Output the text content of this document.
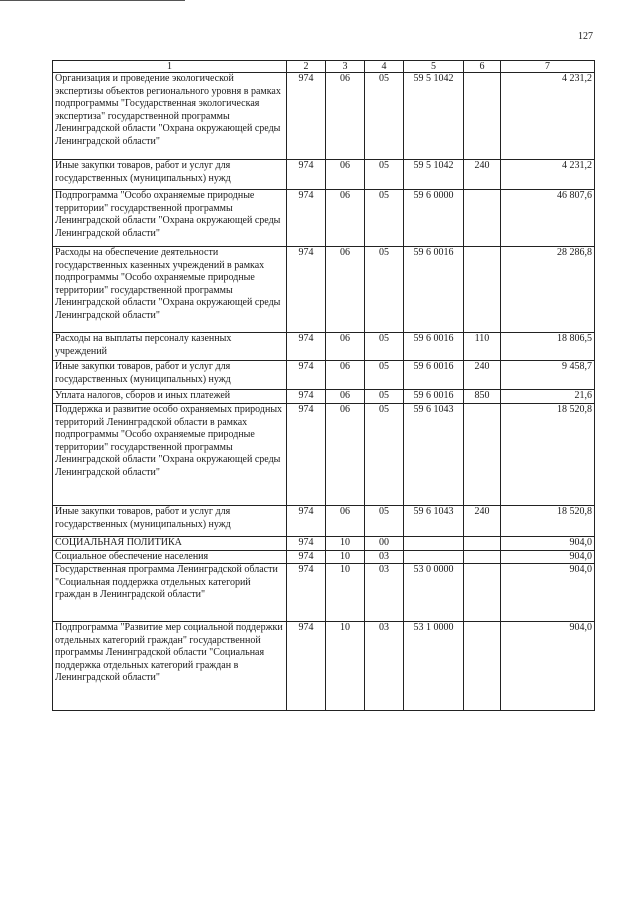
127
1	2	3	4	5	6	7
Организация и проведение экологической экспертизы объектов регионального уровня в рамках подпрограммы "Государственная экологическая экспертиза" государственной программы Ленинградской области "Охрана окружающей среды Ленинградской области"	974	06	05	59 5 1042		4 231,2
Иные закупки товаров, работ и услуг для государственных (муниципальных) нужд	974	06	05	59 5 1042	240	4 231,2
Подпрограмма "Особо охраняемые природные территории" государственной программы Ленинградской области "Охрана окружающей среды Ленинградской области"	974	06	05	59 6 0000		46 807,6
Расходы на обеспечение деятельности государственных казенных учреждений в рамках подпрограммы "Особо охраняемые природные территории" государственной программы Ленинградской области "Охрана окружающей среды Ленинградской области"	974	06	05	59 6 0016		28 286,8
Расходы на выплаты персоналу казенных учреждений	974	06	05	59 6 0016	110	18 806,5
Иные закупки товаров, работ и услуг для государственных (муниципальных) нужд	974	06	05	59 6 0016	240	9 458,7
Уплата налогов, сборов и иных платежей	974	06	05	59 6 0016	850	21,6
Поддержка и развитие особо охраняемых природных территорий Ленинградской области в рамках подпрограммы "Особо охраняемые природные территории" государственной программы Ленинградской области "Охрана окружающей среды Ленинградской области"	974	06	05	59 6 1043		18 520,8
Иные закупки товаров, работ и услуг для государственных (муниципальных) нужд	974	06	05	59 6 1043	240	18 520,8
СОЦИАЛЬНАЯ ПОЛИТИКА	974	10	00			904,0
Социальное обеспечение населения	974	10	03			904,0
Государственная программа Ленинградской области "Социальная поддержка отдельных категорий граждан в Ленинградской области"	974	10	03	53 0 0000		904,0
Подпрограмма "Развитие мер социальной поддержки отдельных категорий граждан" государственной программы Ленинградской области "Социальная поддержка отдельных категорий граждан в Ленинградской области"	974	10	03	53 1 0000		904,0
